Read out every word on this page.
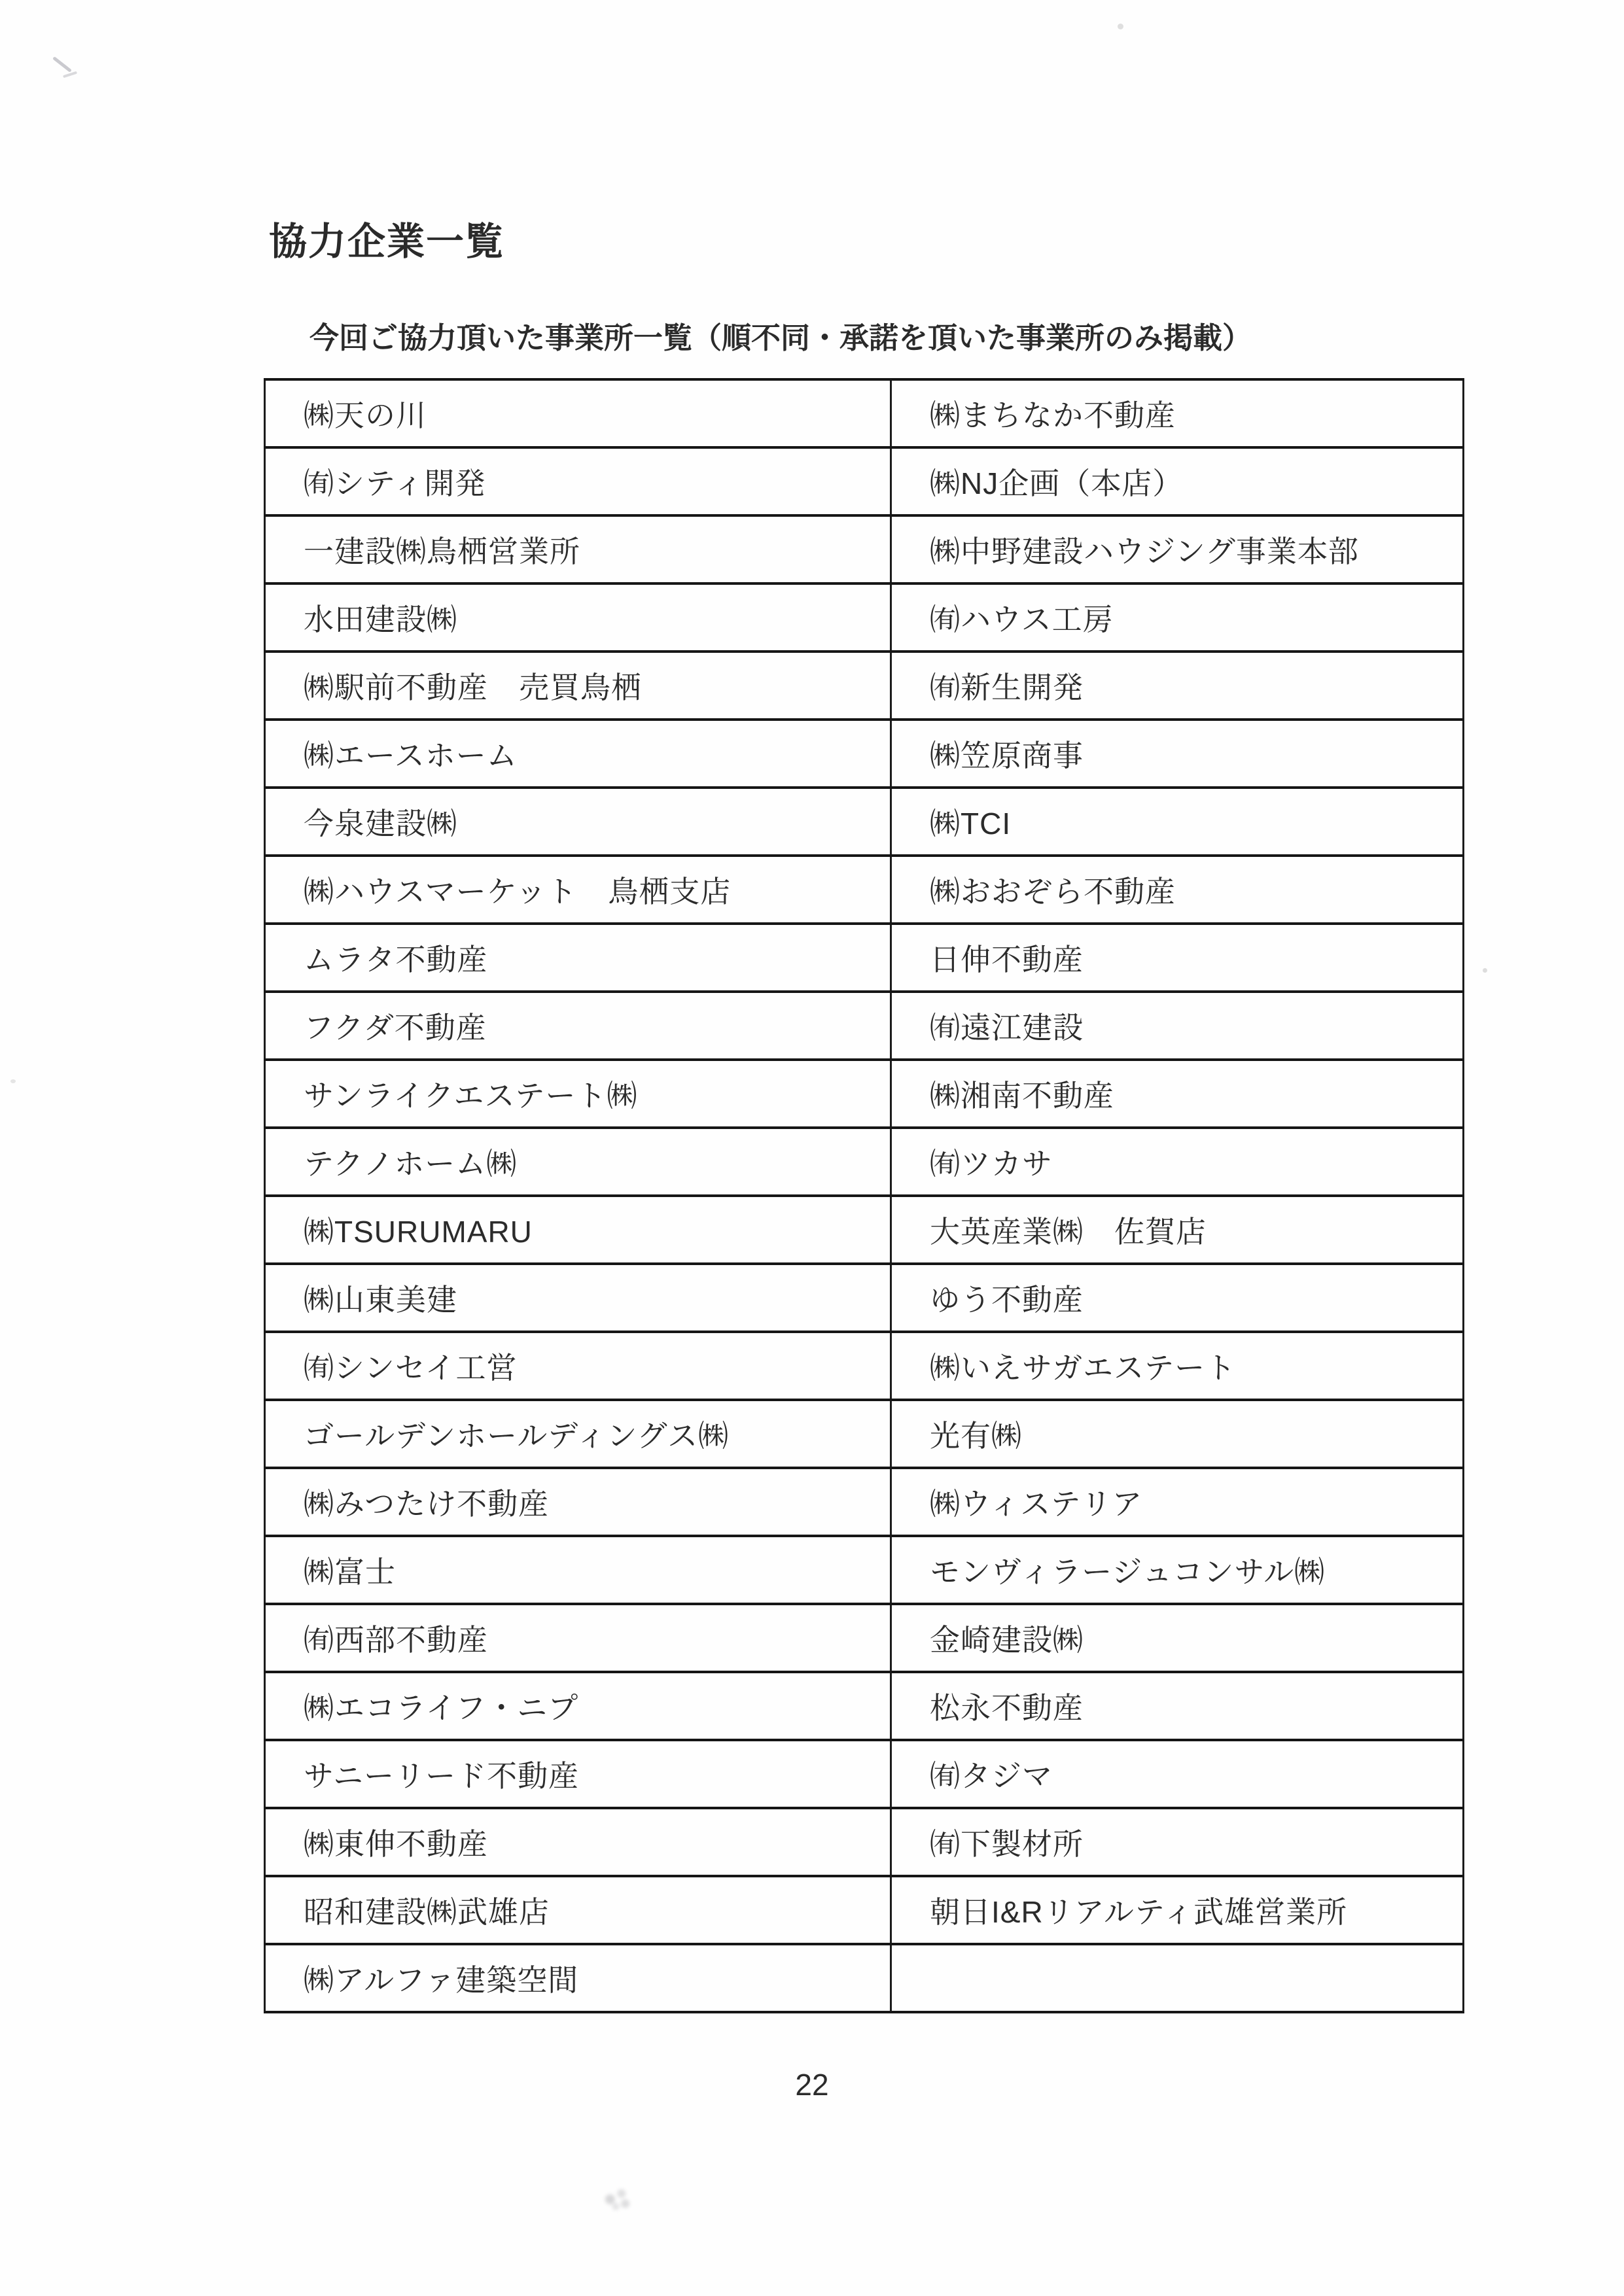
協力企業一覧
今回ご協力頂いた事業所一覧（順不同・承諾を頂いた事業所のみ掲載）
㈱天の川	㈱まちなか不動産
㈲シティ開発	㈱NJ企画（本店）
一建設㈱鳥栖営業所	㈱中野建設ハウジング事業本部
水田建設㈱	㈲ハウス工房
㈱駅前不動産　売買鳥栖	㈲新生開発
㈱エースホーム	㈱笠原商事
今泉建設㈱	㈱TCI
㈱ハウスマーケット　鳥栖支店	㈱おおぞら不動産
ムラタ不動産	日伸不動産
フクダ不動産	㈲遠江建設
サンライクエステート㈱	㈱湘南不動産
テクノホーム㈱	㈲ツカサ
㈱TSURUMARU	大英産業㈱　佐賀店
㈱山東美建	ゆう不動産
㈲シンセイ工営	㈱いえサガエステート
ゴールデンホールディングス㈱	光有㈱
㈱みつたけ不動産	㈱ウィステリア
㈱富士	モンヴィラージュコンサル㈱
㈲西部不動産	金崎建設㈱
㈱エコライフ・ニプ	松永不動産
サニーリード不動産	㈲タジマ
㈱東伸不動産	㈲下製材所
昭和建設㈱武雄店	朝日I&Rリアルティ武雄営業所
㈱アルファ建築空間	
22
